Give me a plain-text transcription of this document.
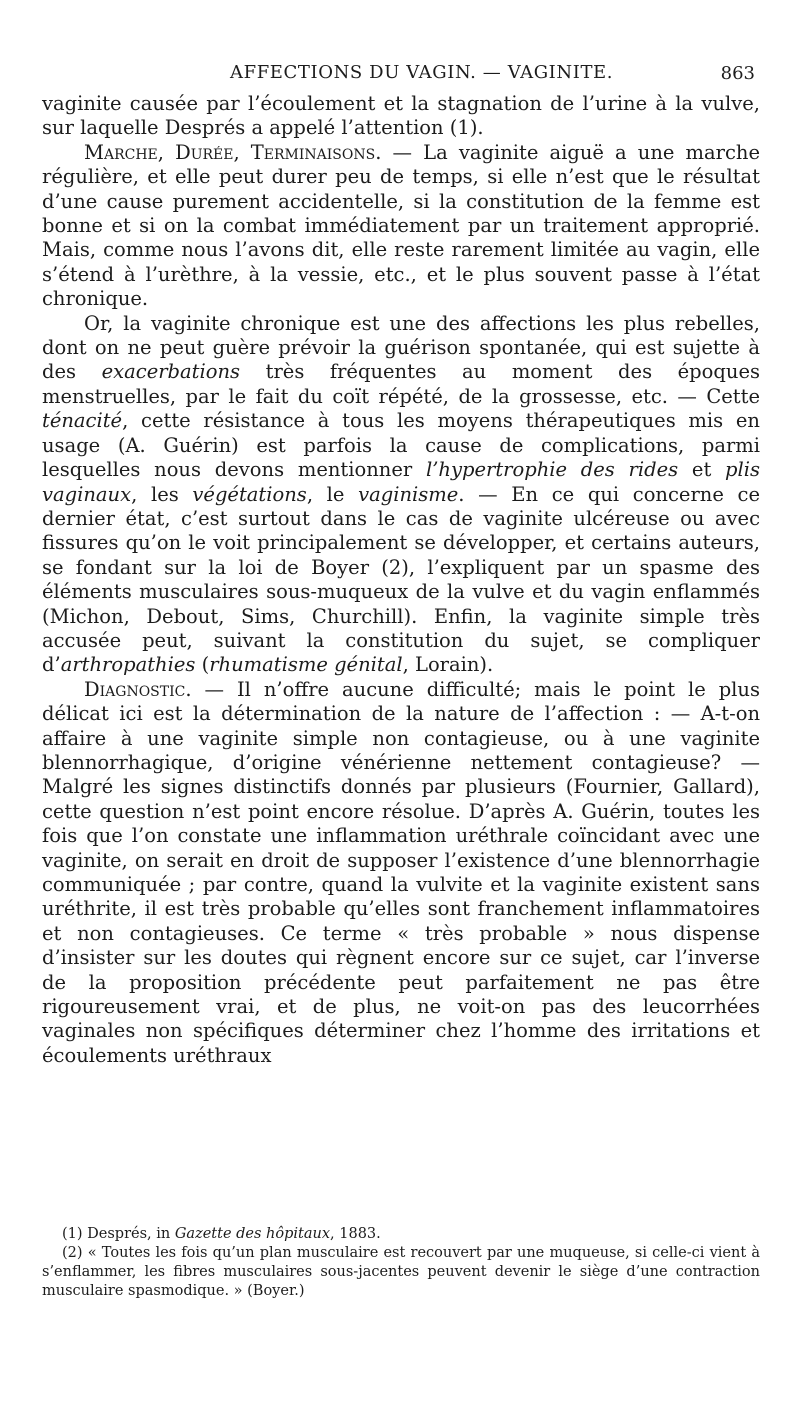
AFFECTIONS DU VAGIN. — VAGINITE.	863

vaginite causée par l’écoulement et la stagnation de l’urine à la vulve, sur laquelle Després a appelé l’attention (1).

Marche, Durée, Terminaisons. — La vaginite aiguë a une marche régulière, et elle peut durer peu de temps, si elle n’est que le résultat d’une cause purement accidentelle, si la constitution de la femme est bonne et si on la combat immédiatement par un traitement approprié. Mais, comme nous l’avons dit, elle reste rarement limitée au vagin, elle s’étend à l’urèthre, à la vessie, etc., et le plus souvent passe à l’état chronique.

Or, la vaginite chronique est une des affections les plus rebelles, dont on ne peut guère prévoir la guérison spontanée, qui est sujette à des exacerbations très fréquentes au moment des époques menstruelles, par le fait du coït répété, de la grossesse, etc. — Cette ténacité, cette résistance à tous les moyens thérapeutiques mis en usage (A. Guérin) est parfois la cause de complications, parmi lesquelles nous devons mentionner l’hypertrophie des rides et plis vaginaux, les végétations, le vaginisme. — En ce qui concerne ce dernier état, c’est surtout dans le cas de vaginite ulcéreuse ou avec fissures qu’on le voit principalement se développer, et certains auteurs, se fondant sur la loi de Boyer (2), l’expliquent par un spasme des éléments musculaires sous-muqueux de la vulve et du vagin enflammés (Michon, Debout, Sims, Churchill). Enfin, la vaginite simple très accusée peut, suivant la constitution du sujet, se compliquer d’arthropathies (rhumatisme génital, Lorain).

Diagnostic. — Il n’offre aucune difficulté; mais le point le plus délicat ici est la détermination de la nature de l’affection : — A-t-on affaire à une vaginite simple non contagieuse, ou à une vaginite blennorrhagique, d’origine vénérienne nettement contagieuse? — Malgré les signes distinctifs donnés par plusieurs (Fournier, Gallard), cette question n’est point encore résolue. D’après A. Guérin, toutes les fois que l’on constate une inflammation uréthrale coïncidant avec une vaginite, on serait en droit de supposer l’existence d’une blennorrhagie communiquée ; par contre, quand la vulvite et la vaginite existent sans uréthrite, il est très probable qu’elles sont franchement inflammatoires et non contagieuses. Ce terme « très probable » nous dispense d’insister sur les doutes qui règnent encore sur ce sujet, car l’inverse de la proposition précédente peut parfaitement ne pas être rigoureusement vrai, et de plus, ne voit-on pas des leucorrhées vaginales non spécifiques déterminer chez l’homme des irritations et écoulements uréthraux

(1) Després, in Gazette des hôpitaux, 1883.

(2) « Toutes les fois qu’un plan musculaire est recouvert par une muqueuse, si celle-ci vient à s’enflammer, les fibres musculaires sous-jacentes peuvent devenir le siège d’une contraction musculaire spasmodique. » (Boyer.)
